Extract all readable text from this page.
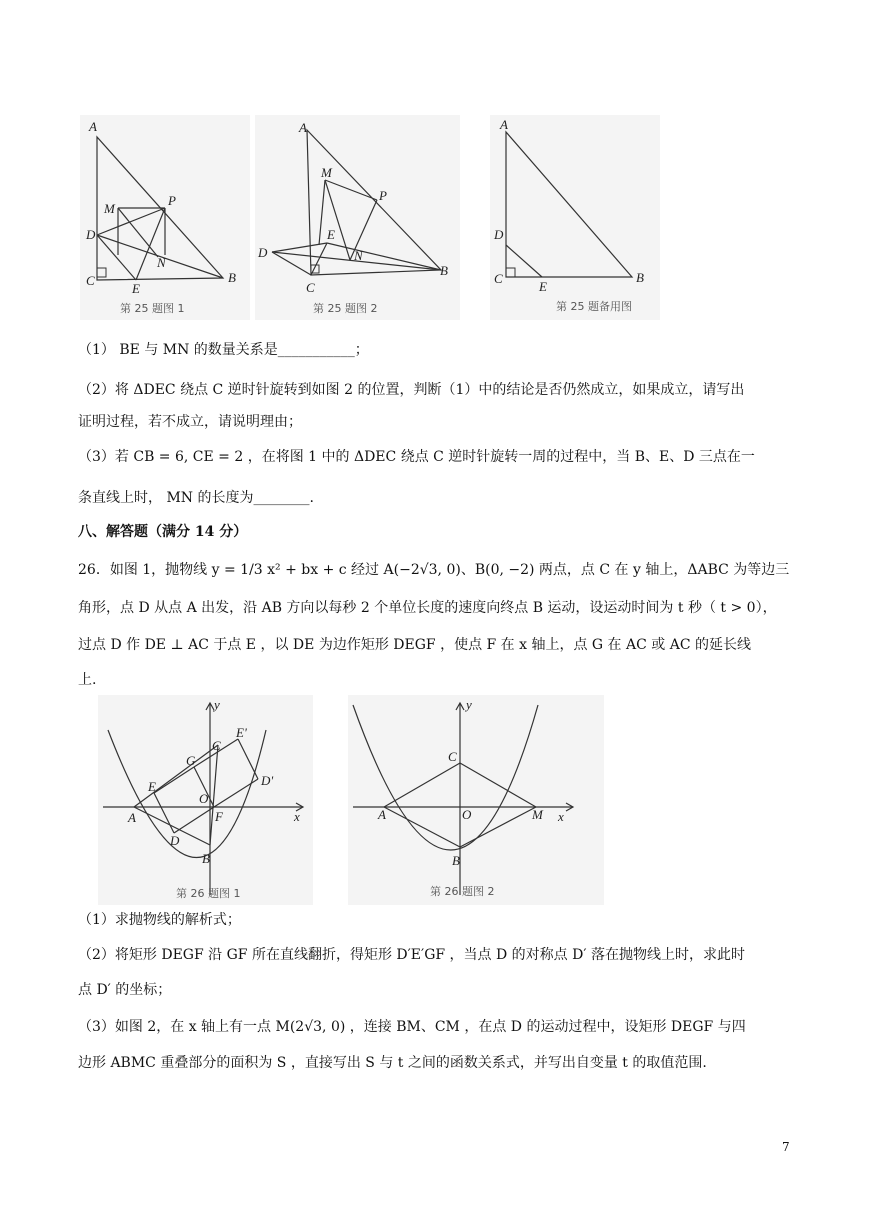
A
M
P
D
N
C
E
B
第 25 题图 1
A
M
P
E
D	N
C
B
第 25 题图 2
A
D
C
E
B
第 25 题备用图
（1） BE 与 MN 的数量关系是___________；
（2）将 ΔDEC 绕点 C 逆时针旋转到如图 2 的位置，判断（1）中的结论是否仍然成立，如果成立，请写出
证明过程，若不成立，请说明理由；
（3）若 CB = 6, CE = 2 ，在将图 1 中的 ΔDEC 绕点 C 逆时针旋转一周的过程中，当 B、E、D 三点在一
条直线上时， MN 的长度为________.
八、解答题（满分 14 分）
26．如图 1，抛物线 y = 1/3 x² + bx + c 经过 A(−2√3, 0)、B(0, −2) 两点，点 C 在 y 轴上，ΔABC 为等边三
角形，点 D 从点 A 出发，沿 AB 方向以每秒 2 个单位长度的速度向终点 B 运动，设运动时间为 t 秒（ t > 0），
过点 D 作 DE ⊥ AC 于点 E ，以 DE 为边作矩形 DEGF ，使点 F 在 x 轴上，点 G 在 AC 或 AC 的延长线
上.
y
C
E'
G
E	D'
O
A	F	x
D
B
第 26 题图 1
y
C
A	O	M x
B
第 26 题图 2
（1）求抛物线的解析式；
（2）将矩形 DEGF 沿 GF 所在直线翻折，得矩形 D′E′GF ，当点 D 的对称点 D′ 落在抛物线上时，求此时
点 D′ 的坐标；
（3）如图 2，在 x 轴上有一点 M(2√3, 0) ，连接 BM、CM ，在点 D 的运动过程中，设矩形 DEGF 与四
边形 ABMC 重叠部分的面积为 S ，直接写出 S 与 t 之间的函数关系式，并写出自变量 t 的取值范围.
7
